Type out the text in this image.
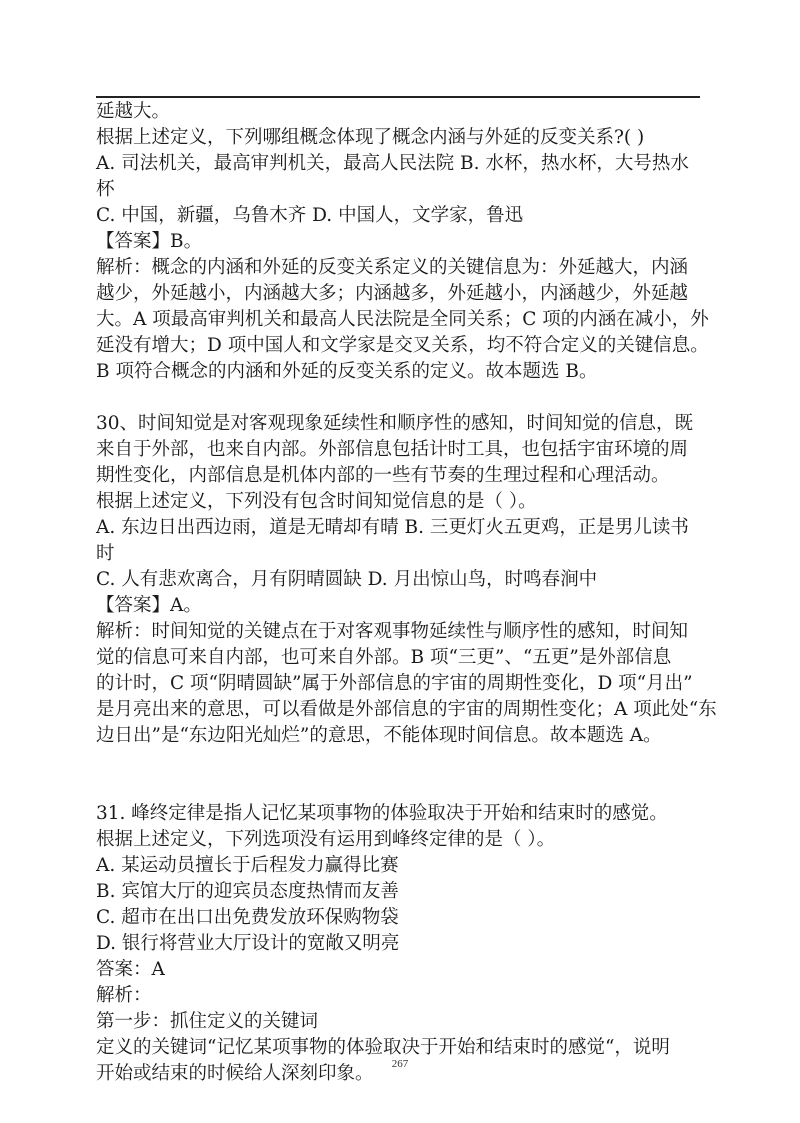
延越大。
根据上述定义，下列哪组概念体现了概念内涵与外延的反变关系?( )
A. 司法机关，最高审判机关，最高人民法院 B. 水杯，热水杯，大号热水
杯
C. 中国，新疆，乌鲁木齐 D. 中国人，文学家，鲁迅
【答案】B。
解析：概念的内涵和外延的反变关系定义的关键信息为：外延越大，内涵
越少，外延越小，内涵越大多；内涵越多，外延越小，内涵越少，外延越
大。A 项最高审判机关和最高人民法院是全同关系；C 项的内涵在减小，外
延没有增大；D 项中国人和文学家是交叉关系，均不符合定义的关键信息。
B 项符合概念的内涵和外延的反变关系的定义。故本题选 B。
30、时间知觉是对客观现象延续性和顺序性的感知，时间知觉的信息，既
来自于外部，也来自内部。外部信息包括计时工具，也包括宇宙环境的周
期性变化，内部信息是机体内部的一些有节奏的生理过程和心理活动。
根据上述定义，下列没有包含时间知觉信息的是（ ）。
A. 东边日出西边雨，道是无晴却有晴 B. 三更灯火五更鸡，正是男儿读书
时
C. 人有悲欢离合，月有阴晴圆缺 D. 月出惊山鸟，时鸣春涧中
【答案】A。
解析：时间知觉的关键点在于对客观事物延续性与顺序性的感知，时间知
觉的信息可来自内部，也可来自外部。B 项“三更”、“五更”是外部信息
的计时，C 项“阴晴圆缺”属于外部信息的宇宙的周期性变化，D 项“月出”
是月亮出来的意思，可以看做是外部信息的宇宙的周期性变化；A 项此处“东
边日出”是“东边阳光灿烂”的意思，不能体现时间信息。故本题选 A。
31. 峰终定律是指人记忆某项事物的体验取决于开始和结束时的感觉。
根据上述定义，下列选项没有运用到峰终定律的是（ ）。
A. 某运动员擅长于后程发力赢得比赛
B. 宾馆大厅的迎宾员态度热情而友善
C. 超市在出口出免费发放环保购物袋
D. 银行将营业大厅设计的宽敞又明亮
答案：A
解析：
第一步：抓住定义的关键词
定义的关键词“记忆某项事物的体验取决于开始和结束时的感觉“，说明
开始或结束的时候给人深刻印象。	267
